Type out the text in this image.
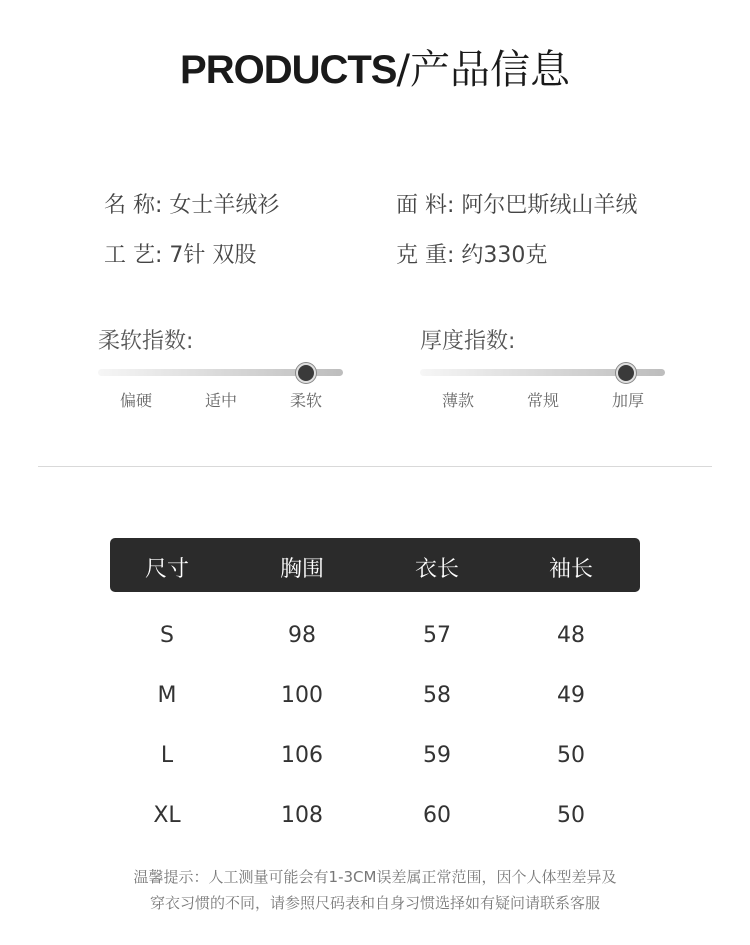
PRODUCTS/产品信息
名 称: 女士羊绒衫	面 料: 阿尔巴斯绒山羊绒
工 艺: 7针 双股	克 重: 约330克
柔软指数:
偏硬	适中	柔软
厚度指数:
薄款	常规	加厚
尺寸	胸围	衣长	袖长
S	98	57	48
M	100	58	49
L	106	59	50
XL	108	60	50
温馨提示：人工测量可能会有1-3CM误差属正常范围，因个人体型差异及
穿衣习惯的不同，请参照尺码表和自身习惯选择如有疑问请联系客服
